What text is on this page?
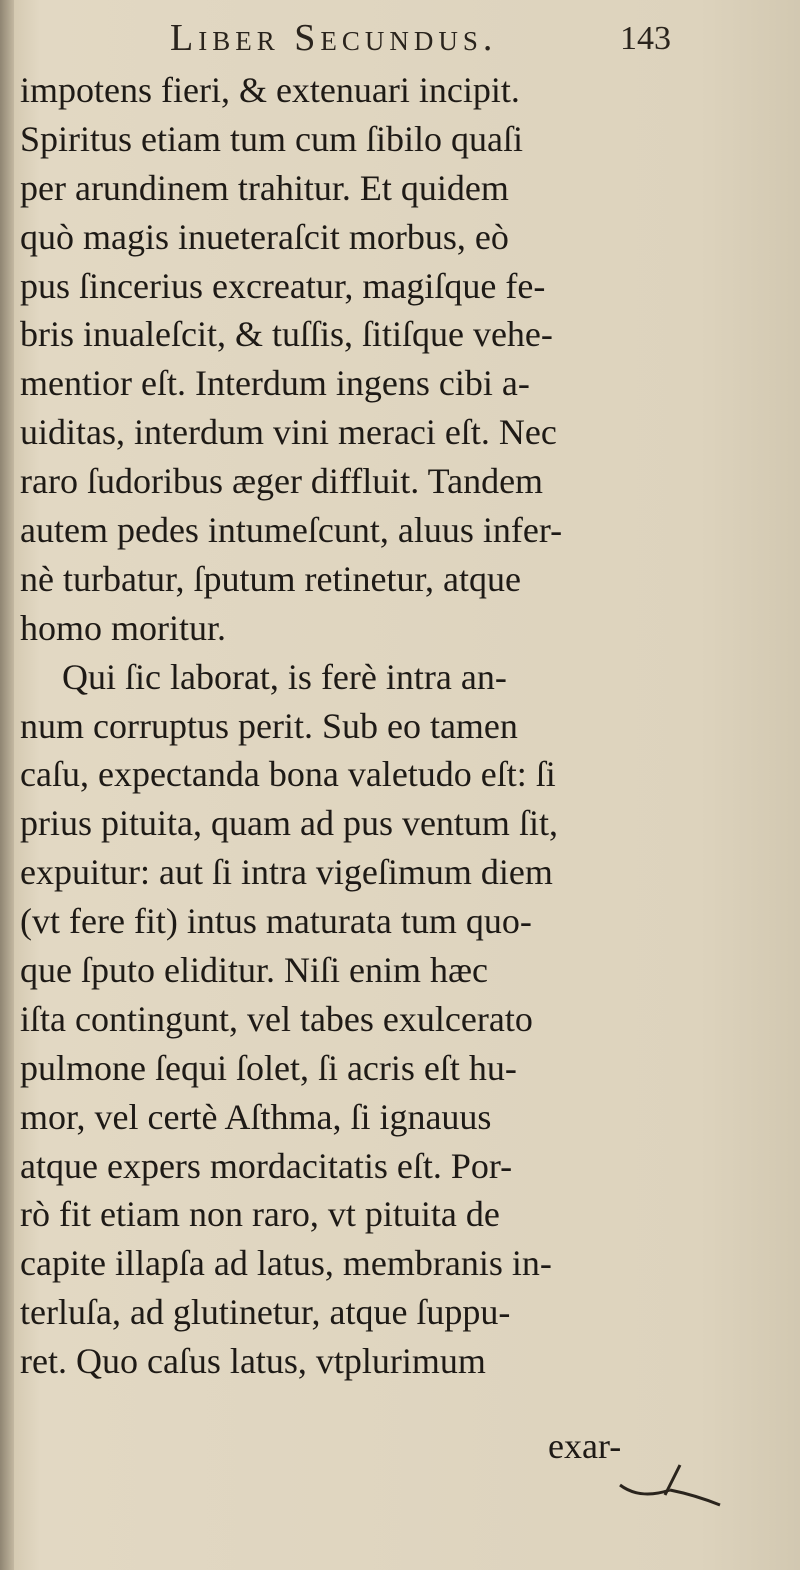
Liber Secundus.	143
impotens fieri, & extenuari incipit.
Spiritus etiam tum cum ſibilo quaſi
per arundinem trahitur. Et quidem
quò magis inueteraſcit morbus, eò
pus ſincerius excreatur, magiſque fe-
bris inualeſcit, & tuſſis, ſitiſque vehe-
mentior eſt. Interdum ingens cibi a-
uiditas, interdum vini meraci eſt. Nec
raro ſudoribus æger diffluit. Tandem
autem pedes intumeſcunt, aluus infer-
nè turbatur, ſputum retinetur, atque
homo moritur.
Qui ſic laborat, is ferè intra an-
num corruptus perit. Sub eo tamen
caſu, expectanda bona valetudo eſt: ſi
prius pituita, quam ad pus ventum ſit,
expuitur: aut ſi intra vigeſimum diem
(vt fere fit) intus maturata tum quo-
que ſputo eliditur. Niſi enim hæc
iſta contingunt, vel tabes exulcerato
pulmone ſequi ſolet, ſi acris eſt hu-
mor, vel certè Aſthma, ſi ignauus
atque expers mordacitatis eſt. Por-
rò fit etiam non raro, vt pituita de
capite illapſa ad latus, membranis in-
terluſa, ad glutinetur, atque ſuppu-
ret. Quo caſus latus, vtplurimum
exar-
